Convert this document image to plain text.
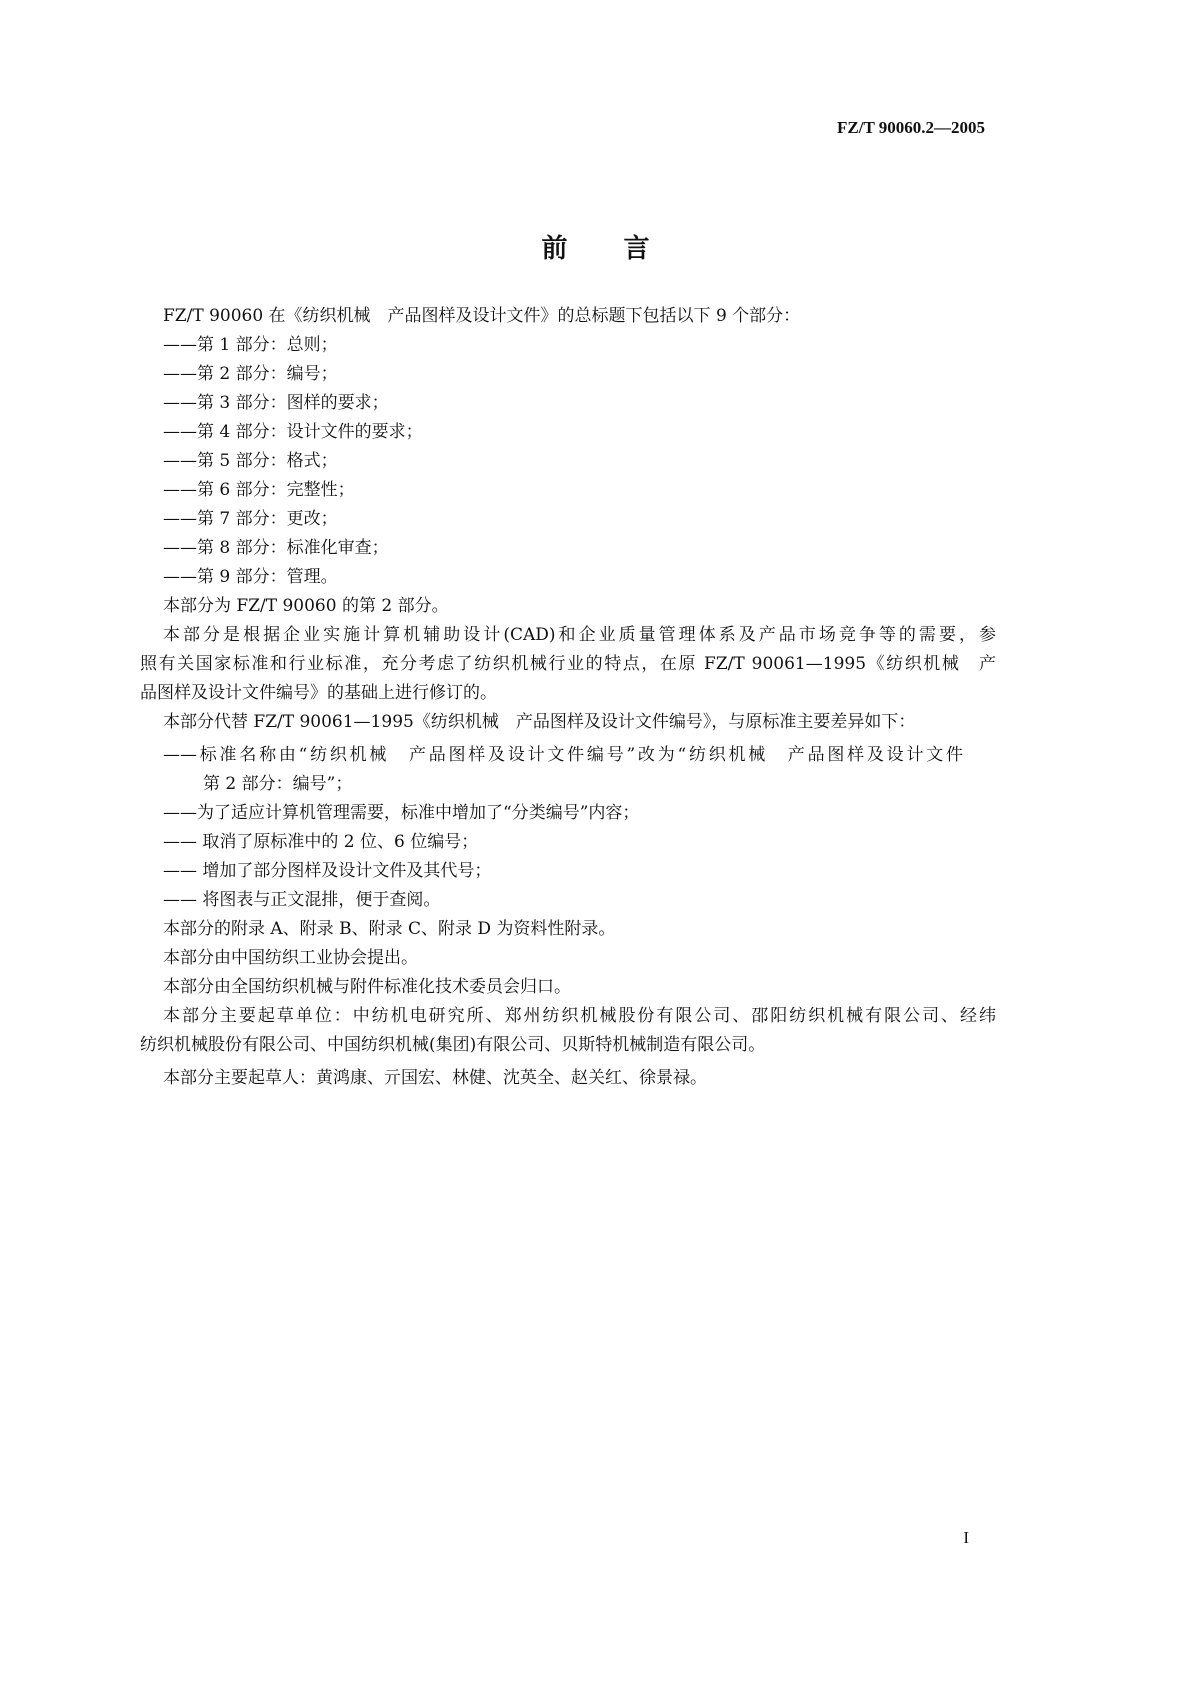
FZ/T 90060.2—2005
前言
FZ/T 90060 在《纺织机械　产品图样及设计文件》的总标题下包括以下 9 个部分：
——第 1 部分：总则；
——第 2 部分：编号；
——第 3 部分：图样的要求；
——第 4 部分：设计文件的要求；
——第 5 部分：格式；
——第 6 部分：完整性；
——第 7 部分：更改；
——第 8 部分：标准化审查；
——第 9 部分：管理。
本部分为 FZ/T 90060 的第 2 部分。
本部分是根据企业实施计算机辅助设计(CAD)和企业质量管理体系及产品市场竞争等的需要，参
照有关国家标准和行业标准，充分考虑了纺织机械行业的特点，在原 FZ/T 90061—1995《纺织机械　产
品图样及设计文件编号》的基础上进行修订的。
本部分代替 FZ/T 90061—1995《纺织机械　产品图样及设计文件编号》，与原标准主要差异如下：
——标准名称由“纺织机械　产品图样及设计文件编号”改为“纺织机械　产品图样及设计文件
第 2 部分：编号”；
——为了适应计算机管理需要，标准中增加了“分类编号”内容；
—— 取消了原标准中的 2 位、6 位编号；
—— 增加了部分图样及设计文件及其代号；
—— 将图表与正文混排，便于查阅。
本部分的附录 A、附录 B、附录 C、附录 D 为资料性附录。
本部分由中国纺织工业协会提出。
本部分由全国纺织机械与附件标准化技术委员会归口。
本部分主要起草单位：中纺机电研究所、郑州纺织机械股份有限公司、邵阳纺织机械有限公司、经纬
纺织机械股份有限公司、中国纺织机械(集团)有限公司、贝斯特机械制造有限公司。
本部分主要起草人：黄鸿康、亓国宏、林健、沈英全、赵关红、徐景禄。
I
